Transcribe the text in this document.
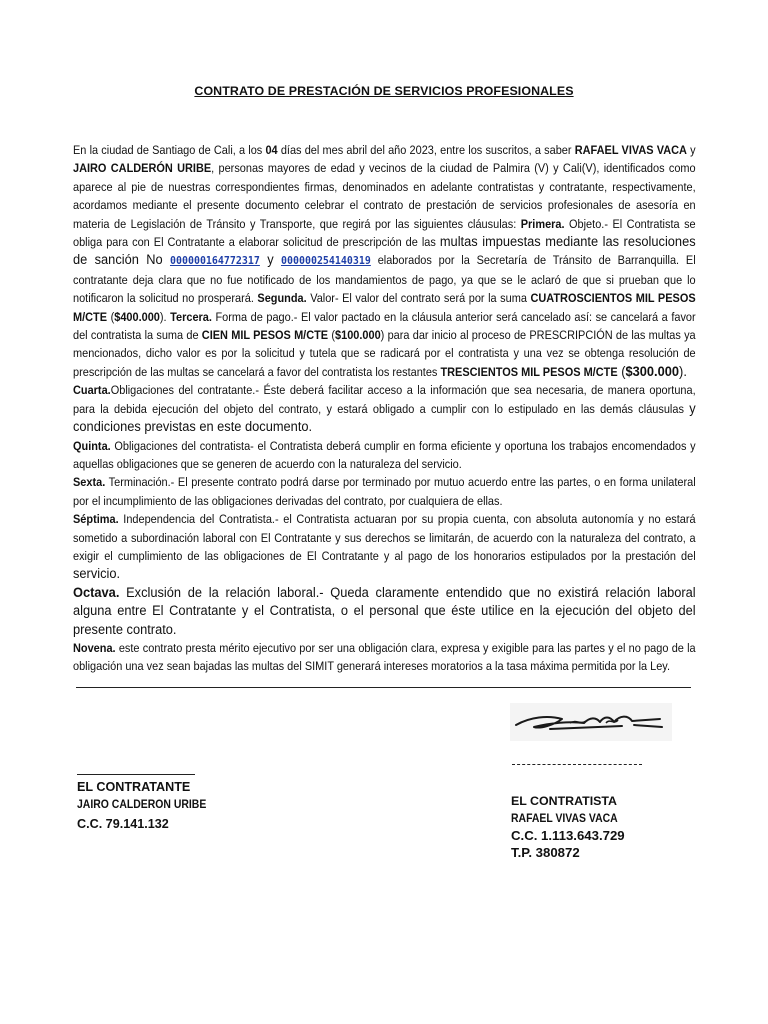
CONTRATO DE PRESTACIÓN DE SERVICIOS PROFESIONALES

En la ciudad de Santiago de Cali, a los 04 días del mes abril del año 2023, entre los suscritos, a saber RAFAEL VIVAS VACA y JAIRO CALDERÓN URIBE, personas mayores de edad y vecinos de la ciudad de Palmira (V) y Cali(V), identificados como aparece al pie de nuestras correspondientes firmas, denominados en adelante contratistas y contratante, respectivamente, acordamos mediante el presente documento celebrar el contrato de prestación de servicios profesionales de asesoría en materia de Legislación de Tránsito y Transporte, que regirá por las siguientes cláusulas: Primera. Objeto.- El Contratista se obliga para con El Contratante a elaborar solicitud de prescripción de las multas impuestas mediante las resoluciones de sanción No 000000164772317 y 000000254140319 elaborados por la Secretaría de Tránsito de Barranquilla. El contratante deja clara que no fue notificado de los mandamientos de pago, ya que se le aclaró de que si prueban que lo notificaron la solicitud no prosperará. Segunda. Valor- El valor del contrato será por la suma CUATROSCIENTOS MIL PESOS M/CTE ($400.000). Tercera. Forma de pago.- El valor pactado en la cláusula anterior será cancelado así: se cancelará a favor del contratista la suma de CIEN MIL PESOS M/CTE ($100.000) para dar inicio al proceso de PRESCRIPCIÓN de las multas ya mencionados, dicho valor es por la solicitud y tutela que se radicará por el contratista y una vez se obtenga resolución de prescripción de las multas se cancelará a favor del contratista los restantes TRESCIENTOS MIL PESOS M/CTE ($300.000).

Cuarta.Obligaciones del contratante.- Éste deberá facilitar acceso a la información que sea necesaria, de manera oportuna, para la debida ejecución del objeto del contrato, y estará obligado a cumplir con lo estipulado en las demás cláusulas y condiciones previstas en este documento.

Quinta. Obligaciones del contratista- el Contratista deberá cumplir en forma eficiente y oportuna los trabajos encomendados y aquellas obligaciones que se generen de acuerdo con la naturaleza del servicio.

Sexta. Terminación.- El presente contrato podrá darse por terminado por mutuo acuerdo entre las partes, o en forma unilateral por el incumplimiento de las obligaciones derivadas del contrato, por cualquiera de ellas.

Séptima. Independencia del Contratista.- el Contratista actuaran por su propia cuenta, con absoluta autonomía y no estará sometido a subordinación laboral con El Contratante y sus derechos se limitarán, de acuerdo con la naturaleza del contrato, a exigir el cumplimiento de las obligaciones de El Contratante y al pago de los honorarios estipulados por la prestación del servicio.

Octava. Exclusión de la relación laboral.- Queda claramente entendido que no existirá relación laboral alguna entre El Contratante y el Contratista, o el personal que éste utilice en la ejecución del objeto del presente contrato.

Novena. este contrato presta mérito ejecutivo por ser una obligación clara, expresa y exigible para las partes y el no pago de la obligación una vez sean bajadas las multas del SIMIT generará intereses moratorios a la tasa máxima permitida por la Ley.

EL CONTRATANTE
JAIRO CALDERON URIBE
C.C. 79.141.132
EL CONTRATISTA
RAFAEL VIVAS VACA
C.C. 1.113.643.729
T.P. 380872
